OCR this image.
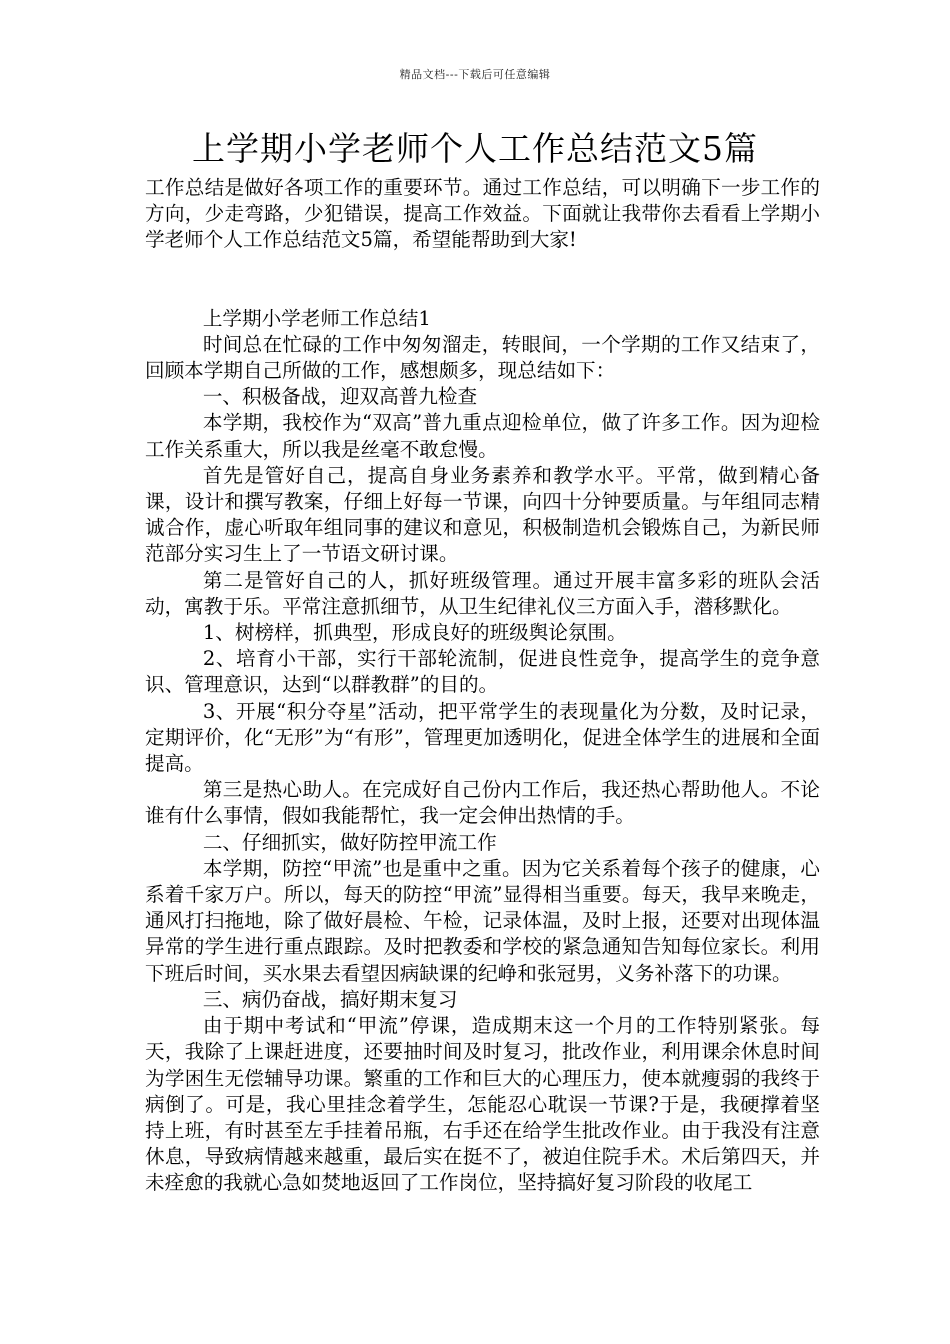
精品文档---下载后可任意编辑
上学期小学老师个人工作总结范文5篇

工作总结是做好各项工作的重要环节。通过工作总结，可以明确下一步工作的方向，少走弯路，少犯错误，提高工作效益。下面就让我带你去看看上学期小学老师个人工作总结范文5篇，希望能帮助到大家!

上学期小学老师工作总结1

时间总在忙碌的工作中匆匆溜走，转眼间，一个学期的工作又结束了，回顾本学期自己所做的工作，感想颇多，现总结如下：

一、积极备战，迎双高普九检查

本学期，我校作为“双高”普九重点迎检单位，做了许多工作。因为迎检工作关系重大，所以我是丝毫不敢怠慢。

首先是管好自己，提高自身业务素养和教学水平。平常，做到精心备课，设计和撰写教案，仔细上好每一节课，向四十分钟要质量。与年组同志精诚合作，虚心听取年组同事的建议和意见，积极制造机会锻炼自己，为新民师范部分实习生上了一节语文研讨课。

第二是管好自己的人，抓好班级管理。通过开展丰富多彩的班队会活动，寓教于乐。平常注意抓细节，从卫生纪律礼仪三方面入手，潜移默化。

1、树榜样，抓典型，形成良好的班级舆论氛围。

2、培育小干部，实行干部轮流制，促进良性竞争，提高学生的竞争意识、管理意识，达到“以群教群”的目的。

3、开展“积分夺星”活动，把平常学生的表现量化为分数，及时记录，定期评价，化“无形”为“有形”，管理更加透明化，促进全体学生的进展和全面提高。

第三是热心助人。在完成好自己份内工作后，我还热心帮助他人。不论谁有什么事情，假如我能帮忙，我一定会伸出热情的手。

二、仔细抓实，做好防控甲流工作

本学期，防控“甲流”也是重中之重。因为它关系着每个孩子的健康，心系着千家万户。所以，每天的防控“甲流”显得相当重要。每天，我早来晚走，通风打扫拖地，除了做好晨检、午检，记录体温，及时上报，还要对出现体温异常的学生进行重点跟踪。及时把教委和学校的紧急通知告知每位家长。利用下班后时间，买水果去看望因病缺课的纪峥和张冠男，义务补落下的功课。

三、病仍奋战，搞好期末复习

由于期中考试和“甲流”停课，造成期末这一个月的工作特别紧张。每天，我除了上课赶进度，还要抽时间及时复习，批改作业，利用课余休息时间为学困生无偿辅导功课。繁重的工作和巨大的心理压力，使本就瘦弱的我终于病倒了。可是，我心里挂念着学生，怎能忍心耽误一节课?于是，我硬撑着坚持上班，有时甚至左手挂着吊瓶，右手还在给学生批改作业。由于我没有注意休息，导致病情越来越重，最后实在挺不了，被迫住院手术。术后第四天，并未痊愈的我就心急如焚地返回了工作岗位，坚持搞好复习阶段的收尾工
